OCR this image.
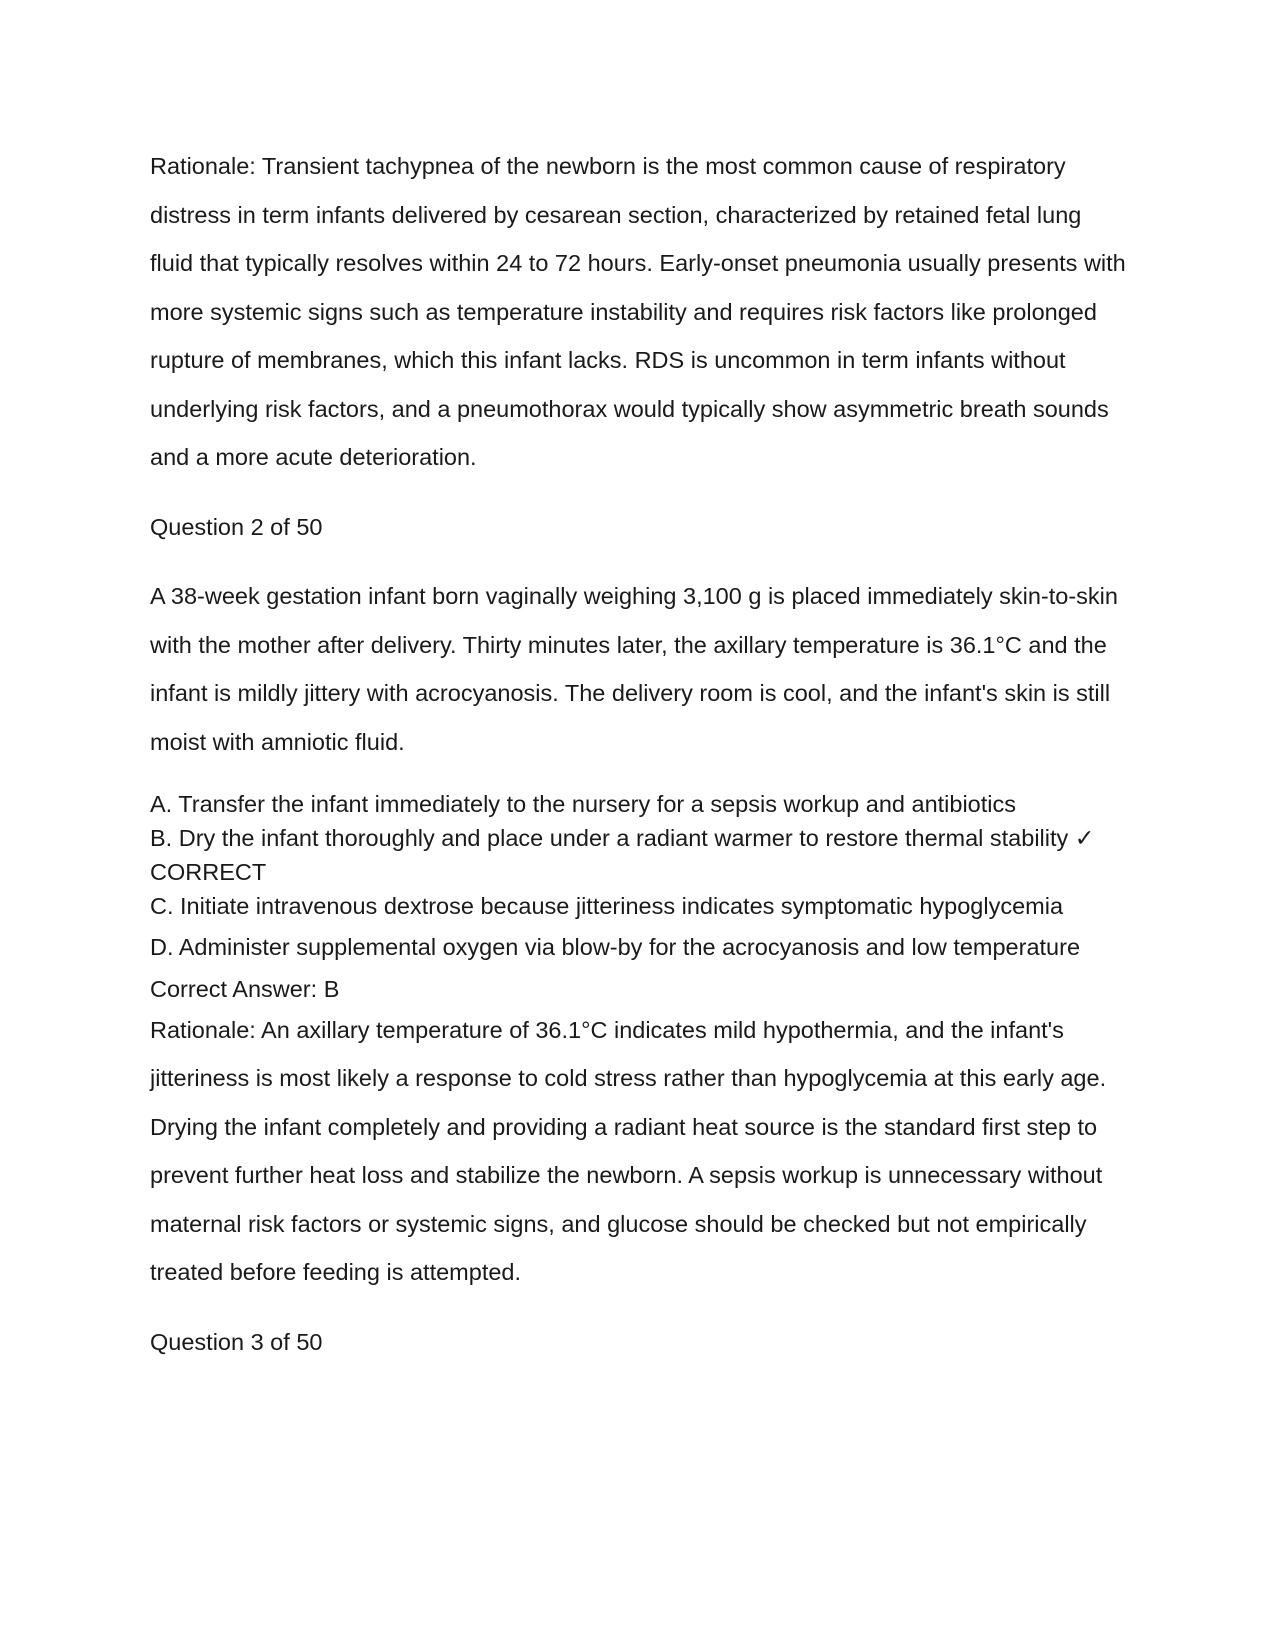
Rationale: Transient tachypnea of the newborn is the most common cause of respiratory distress in term infants delivered by cesarean section, characterized by retained fetal lung fluid that typically resolves within 24 to 72 hours. Early-onset pneumonia usually presents with more systemic signs such as temperature instability and requires risk factors like prolonged rupture of membranes, which this infant lacks. RDS is uncommon in term infants without underlying risk factors, and a pneumothorax would typically show asymmetric breath sounds and a more acute deterioration.

Question 2 of 50

A 38-week gestation infant born vaginally weighing 3,100 g is placed immediately skin-to-skin with the mother after delivery. Thirty minutes later, the axillary temperature is 36.1°C and the infant is mildly jittery with acrocyanosis. The delivery room is cool, and the infant's skin is still moist with amniotic fluid.

A. Transfer the infant immediately to the nursery for a sepsis workup and antibiotics

B. Dry the infant thoroughly and place under a radiant warmer to restore thermal stability ✓ CORRECT

C. Initiate intravenous dextrose because jitteriness indicates symptomatic hypoglycemia

D. Administer supplemental oxygen via blow-by for the acrocyanosis and low temperature

Correct Answer: B

Rationale: An axillary temperature of 36.1°C indicates mild hypothermia, and the infant's jitteriness is most likely a response to cold stress rather than hypoglycemia at this early age. Drying the infant completely and providing a radiant heat source is the standard first step to prevent further heat loss and stabilize the newborn. A sepsis workup is unnecessary without maternal risk factors or systemic signs, and glucose should be checked but not empirically treated before feeding is attempted.

Question 3 of 50
